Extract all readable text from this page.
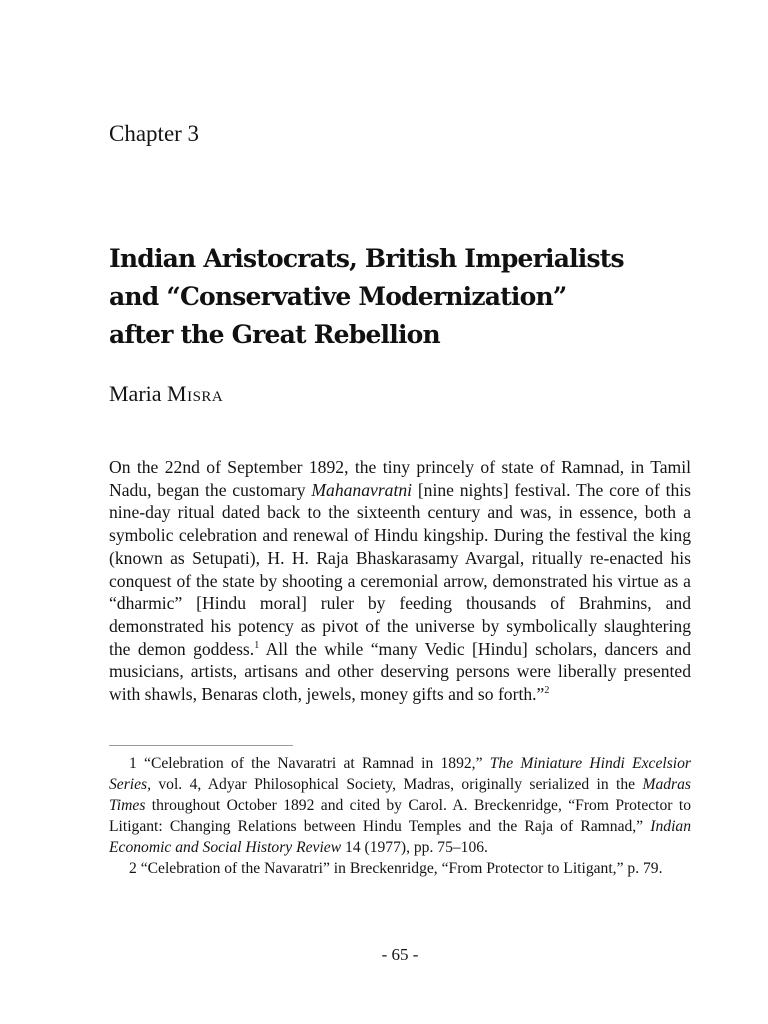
Chapter 3
Indian Aristocrats, British Imperialists
and “Conservative Modernization”
after the Great Rebellion
Maria Misra

On the 22nd of September 1892, the tiny princely of state of Ramnad, in Tamil Nadu, began the customary Mahanavratni [nine nights] festival. The core of this nine-day ritual dated back to the sixteenth century and was, in essence, both a symbolic celebration and renewal of Hindu kingship. During the festival the king (known as Setupati), H. H. Raja Bhaskarasamy Avargal, ritually re-enacted his conquest of the state by shooting a ceremonial arrow, demonstrated his virtue as a “dharmic” [Hindu moral] ruler by feeding thousands of Brahmins, and demonstrated his potency as pivot of the universe by symbolically slaughtering the demon goddess.$^1$ All the while “many Vedic [Hindu] scholars, dancers and musicians, artists, artisans and other deserving persons were liberally presented with shawls, Benaras cloth, jewels, money gifts and so forth.”$^2$

1 “Celebration of the Navaratri at Ramnad in 1892,” The Miniature Hindi Excelsior Series, vol. 4, Adyar Philosophical Society, Madras, originally serialized in the Madras Times throughout October 1892 and cited by Carol. A. Breckenridge, “From Protector to Litigant: Changing Relations between Hindu Temples and the Raja of Ramnad,” Indian Economic and Social History Review 14 (1977), pp. 75–106.

2 “Celebration of the Navaratri” in Breckenridge, “From Protector to Litigant,” p. 79.

- 65 -
